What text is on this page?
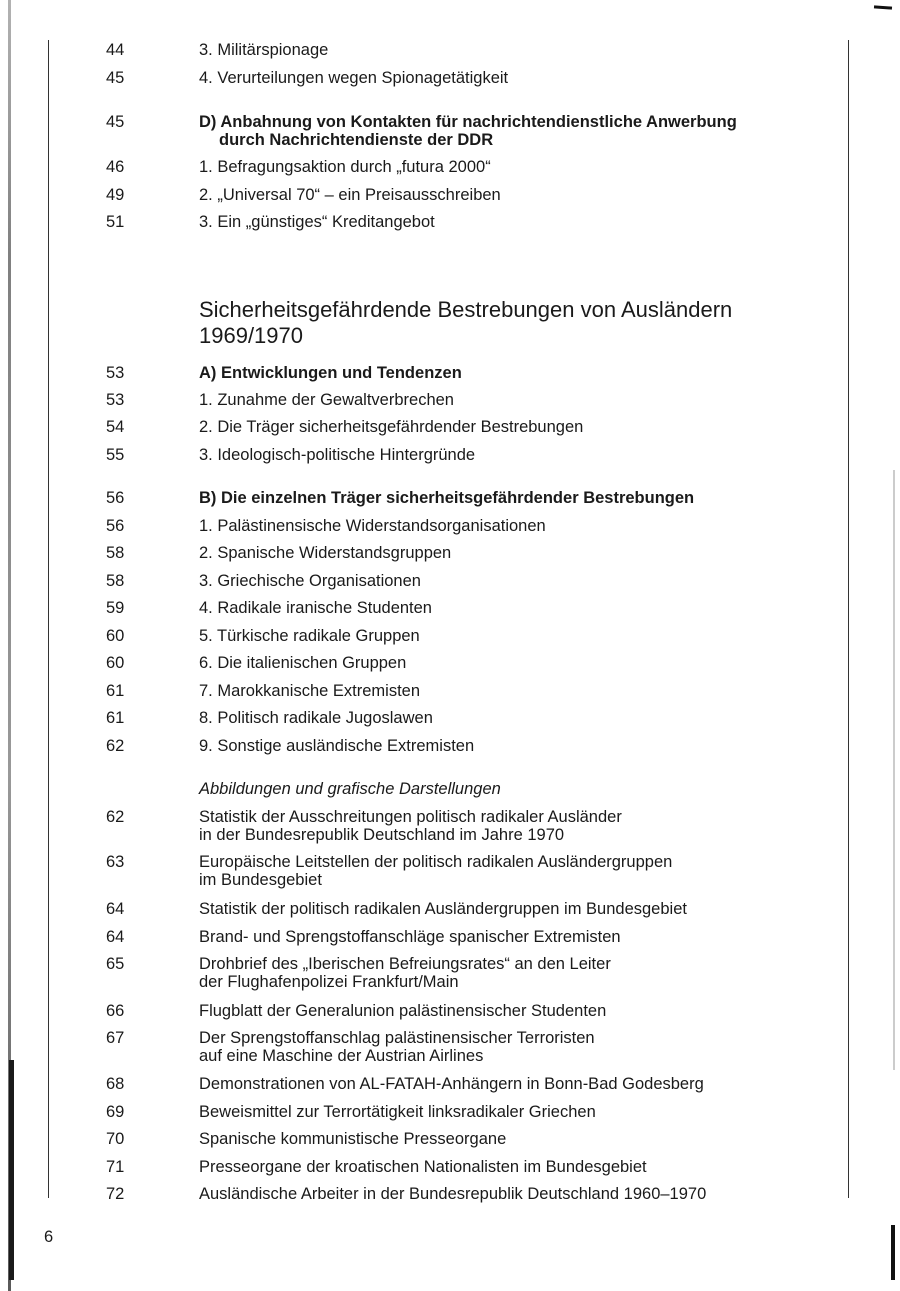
44	3. Militärspionage
45	4. Verurteilungen wegen Spionagetätigkeit
45	D) Anbahnung von Kontakten für nachrichtendienstliche Anwerbung
durch Nachrichtendienste der DDR
46	1. Befragungsaktion durch „futura 2000“
49	2. „Universal 70“ – ein Preisausschreiben
51	3. Ein „günstiges“ Kreditangebot
Sicherheitsgefährdende Bestrebungen von Ausländern
1969/1970
53	A) Entwicklungen und Tendenzen
53	1. Zunahme der Gewaltverbrechen
54	2. Die Träger sicherheitsgefährdender Bestrebungen
55	3. Ideologisch-politische Hintergründe
56	B) Die einzelnen Träger sicherheitsgefährdender Bestrebungen
56	1. Palästinensische Widerstandsorganisationen
58	2. Spanische Widerstandsgruppen
58	3. Griechische Organisationen
59	4. Radikale iranische Studenten
60	5. Türkische radikale Gruppen
60	6. Die italienischen Gruppen
61	7. Marokkanische Extremisten
61	8. Politisch radikale Jugoslawen
62	9. Sonstige ausländische Extremisten
Abbildungen und grafische Darstellungen
62	Statistik der Ausschreitungen politisch radikaler Ausländer
in der Bundesrepublik Deutschland im Jahre 1970
63	Europäische Leitstellen der politisch radikalen Ausländergruppen
im Bundesgebiet
64	Statistik der politisch radikalen Ausländergruppen im Bundesgebiet
64	Brand- und Sprengstoffanschläge spanischer Extremisten
65	Drohbrief des „Iberischen Befreiungsrates“ an den Leiter
der Flughafenpolizei Frankfurt/Main
66	Flugblatt der Generalunion palästinensischer Studenten
67	Der Sprengstoffanschlag palästinensischer Terroristen
auf eine Maschine der Austrian Airlines
68	Demonstrationen von AL-FATAH-Anhängern in Bonn-Bad Godesberg
69	Beweismittel zur Terrortätigkeit linksradikaler Griechen
70	Spanische kommunistische Presseorgane
71	Presseorgane der kroatischen Nationalisten im Bundesgebiet
72	Ausländische Arbeiter in der Bundesrepublik Deutschland 1960–1970
6
